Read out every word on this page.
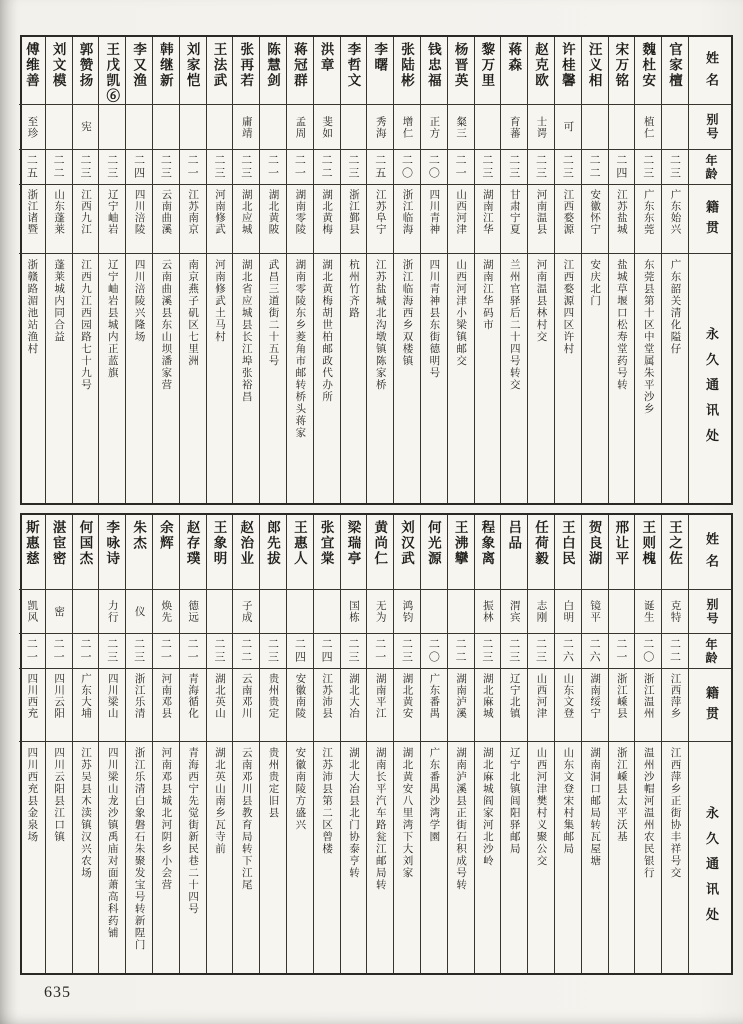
姓名
别号
年龄
籍贯
永久通讯处
官家檀
二三
广东始兴
广东韶关清化隘仔
魏杜安
植仁
二三
广东东莞
东莞县第十区中堂属朱平沙乡
宋万铭
二四
江苏盐城
盐城草堰口松寿堂药号转
汪义相
二二
安徽怀宁
安庆北门
许桂馨
可
二三
江西婺源
江西婺源四区许村
赵克欧
士谔
二三
河南温县
河南温县林村交
蒋森
育蕃
二三
甘肃宁夏
兰州官驿后二十四号转交
黎万里
二三
湖南江华
湖南江华码市
杨晋英
粲三
二一
山西河津
山西河津小梁镇邮交
钱忠福
正方
二〇
四川青神
四川青神县东街德明号
张陆彬
增仁
二〇
浙江临海
浙江临海西乡双楼镇
李曙
秀海
二五
江苏阜宁
江苏盐城北沟墩镇陈家桥
李哲文
二三
浙江鄞县
杭州竹齐路
洪章
斐如
二二
湖北黄梅
湖北黄梅胡世柏邮政代办所
蒋冠群
孟周
二一
湖南零陵
湖南零陵东乡菱角市邮转桥头蒋家
陈慧剑
二一
湖北黄陂
武昌三道街二十五号
张再若
庸靖
二三
湖北应城
湖北省应城县长江埠张裕昌
王法武
二三
河南修武
河南修武土马村
刘家恺
二一
江苏南京
南京燕子矶区七里洲
韩继新
二三
云南曲溪
云南曲溪县东山坝潘家营
李又渔
二四
四川涪陵
四川涪陵兴隆场
王戊凯⑥
二三
辽宁岫岩
辽宁岫岩县城内正蓝旗
郭赞扬
宪
二三
江西九江
江西九江西园路七十九号
刘文模
二二
山东蓬莱
蓬莱城内同合益
傅维善
至珍
二五
浙江诸暨
浙赣路湄池站渔村
姓名
别号
年龄
籍贯
永久通讯处
王之佐
克特
二二
江西萍乡
江西萍乡正街协丰祥号交
王则槐
诞生
二〇
浙江温州
温州沙帽河温州农民银行
邢让平
二一
浙江嵊县
浙江嵊县太平沃基
贺良湖
镜平
二六
湖南绥宁
湖南洞口邮局转瓦屋塘
王白民
白明
二六
山东文登
山东文登宋村集邮局
任荷毅
志刚
二三
山西河津
山西河津樊村义聚公交
吕品
渭宾
二三
辽宁北镇
辽宁北镇闾阳驿邮局
程象离
振林
二三
湖北麻城
湖北麻城阎家河北沙岭
王沸攣
二二
湖南泸溪
湖南泸溪县正街石积成号转
何光源
二〇
广东番禺
广东番禺沙湾学園
刘汉武
鸿钧
二三
湖北黄安
湖北黄安八里湾下大刘家
黄尚仁
无为
二一
湖南平江
湖南长平汽车路瓮江邮局转
梁瑞亭
国栋
二三
湖北大冶
湖北大冶县北门协泰亨转
张宜棠
二四
江苏沛县
江苏沛县第二区曾楼
王惠人
二四
安徽南陵
安徽南陵方盛兴
郎先拔
二三
贵州贵定
贵州贵定旧县
赵治业
子成
二二
云南邓川
云南邓川县教育局转下江尾
王象明
二三
湖北英山
湖北英山南乡瓦寺前
赵存璞
德远
二一
青海循化
青海西宁先觉街新民巷二十四号
余辉
焕先
二一
河南邓县
河南邓县城北河阴乡小会营
朱杰
仪
二三
浙江乐清
浙江乐清白象磐石朱聚发宝号转新陧门
李咏诗
力行
二三
四川梁山
四川梁山龙沙镇禹庙对面萧高科药铺
何国杰
二一
广东大埔
江苏吴县木渎镇汉兴农场
湛宦密
密
二一
四川云阳
四川云阳县江口镇
斯惠慈
凯风
二一
四川西充
四川西充县金泉场
635
